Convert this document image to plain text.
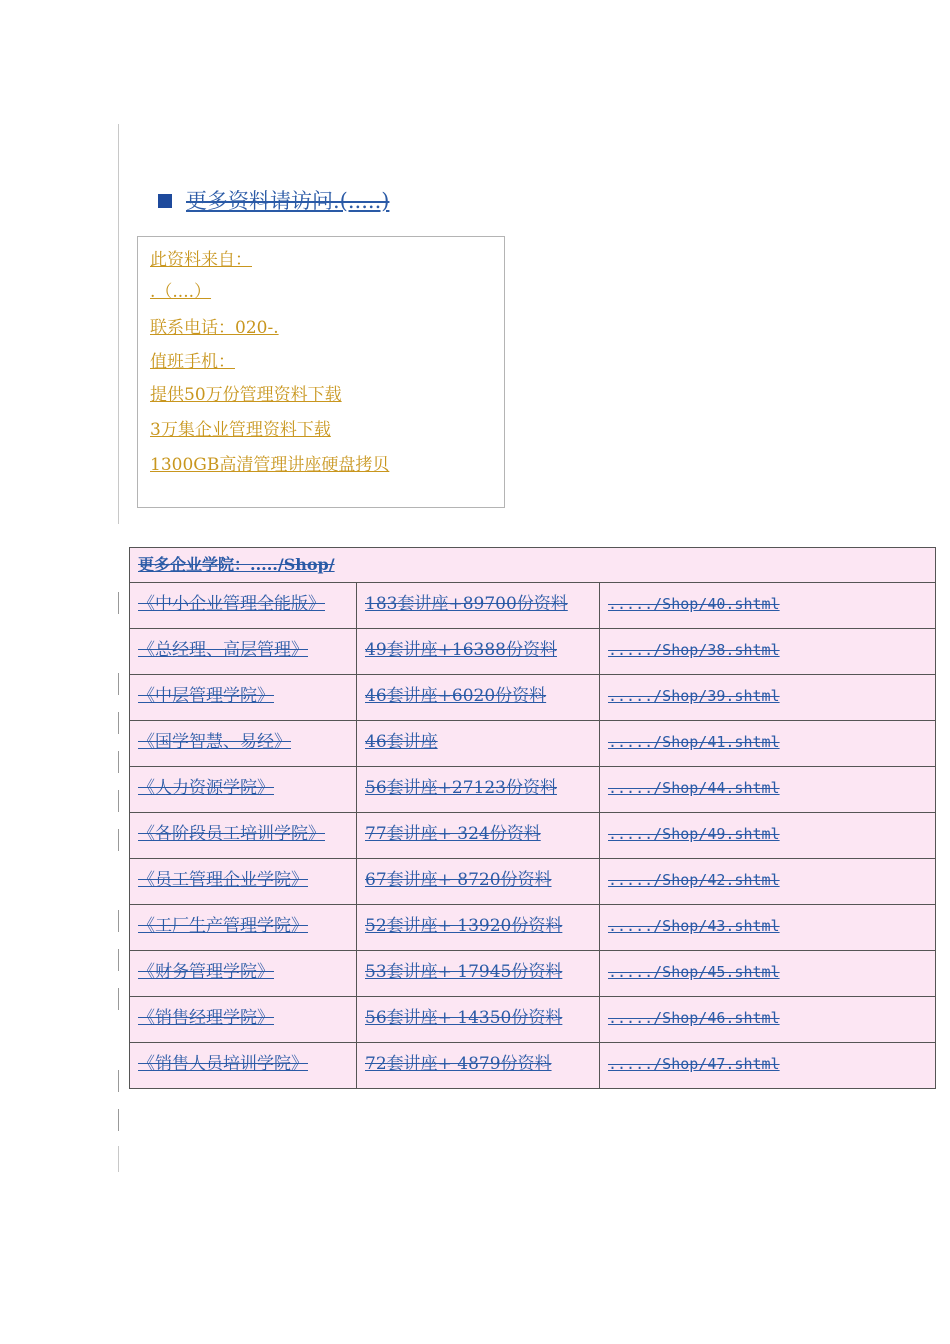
更多资料请访问.(.....)
此资料来自：
.（....）
联系电话：020-.
值班手机：
提供50万份管理资料下载
3万集企业管理资料下载
1300GB高清管理讲座硬盘拷贝
更多企业学院：...../Shop/		
《中小企业管理全能版》	183套讲座+89700份资料	...../Shop/40.shtml
《总经理、高层管理》	49套讲座+16388份资料	...../Shop/38.shtml
《中层管理学院》	46套讲座+6020份资料	...../Shop/39.shtml
《国学智慧、易经》	46套讲座	...../Shop/41.shtml
《人力资源学院》	56套讲座+27123份资料	...../Shop/44.shtml
《各阶段员工培训学院》	77套讲座+ 324份资料	...../Shop/49.shtml
《员工管理企业学院》	67套讲座+ 8720份资料	...../Shop/42.shtml
《工厂生产管理学院》	52套讲座+ 13920份资料	...../Shop/43.shtml
《财务管理学院》	53套讲座+ 17945份资料	...../Shop/45.shtml
《销售经理学院》	56套讲座+ 14350份资料	...../Shop/46.shtml
《销售人员培训学院》	72套讲座+ 4879份资料	...../Shop/47.shtml
